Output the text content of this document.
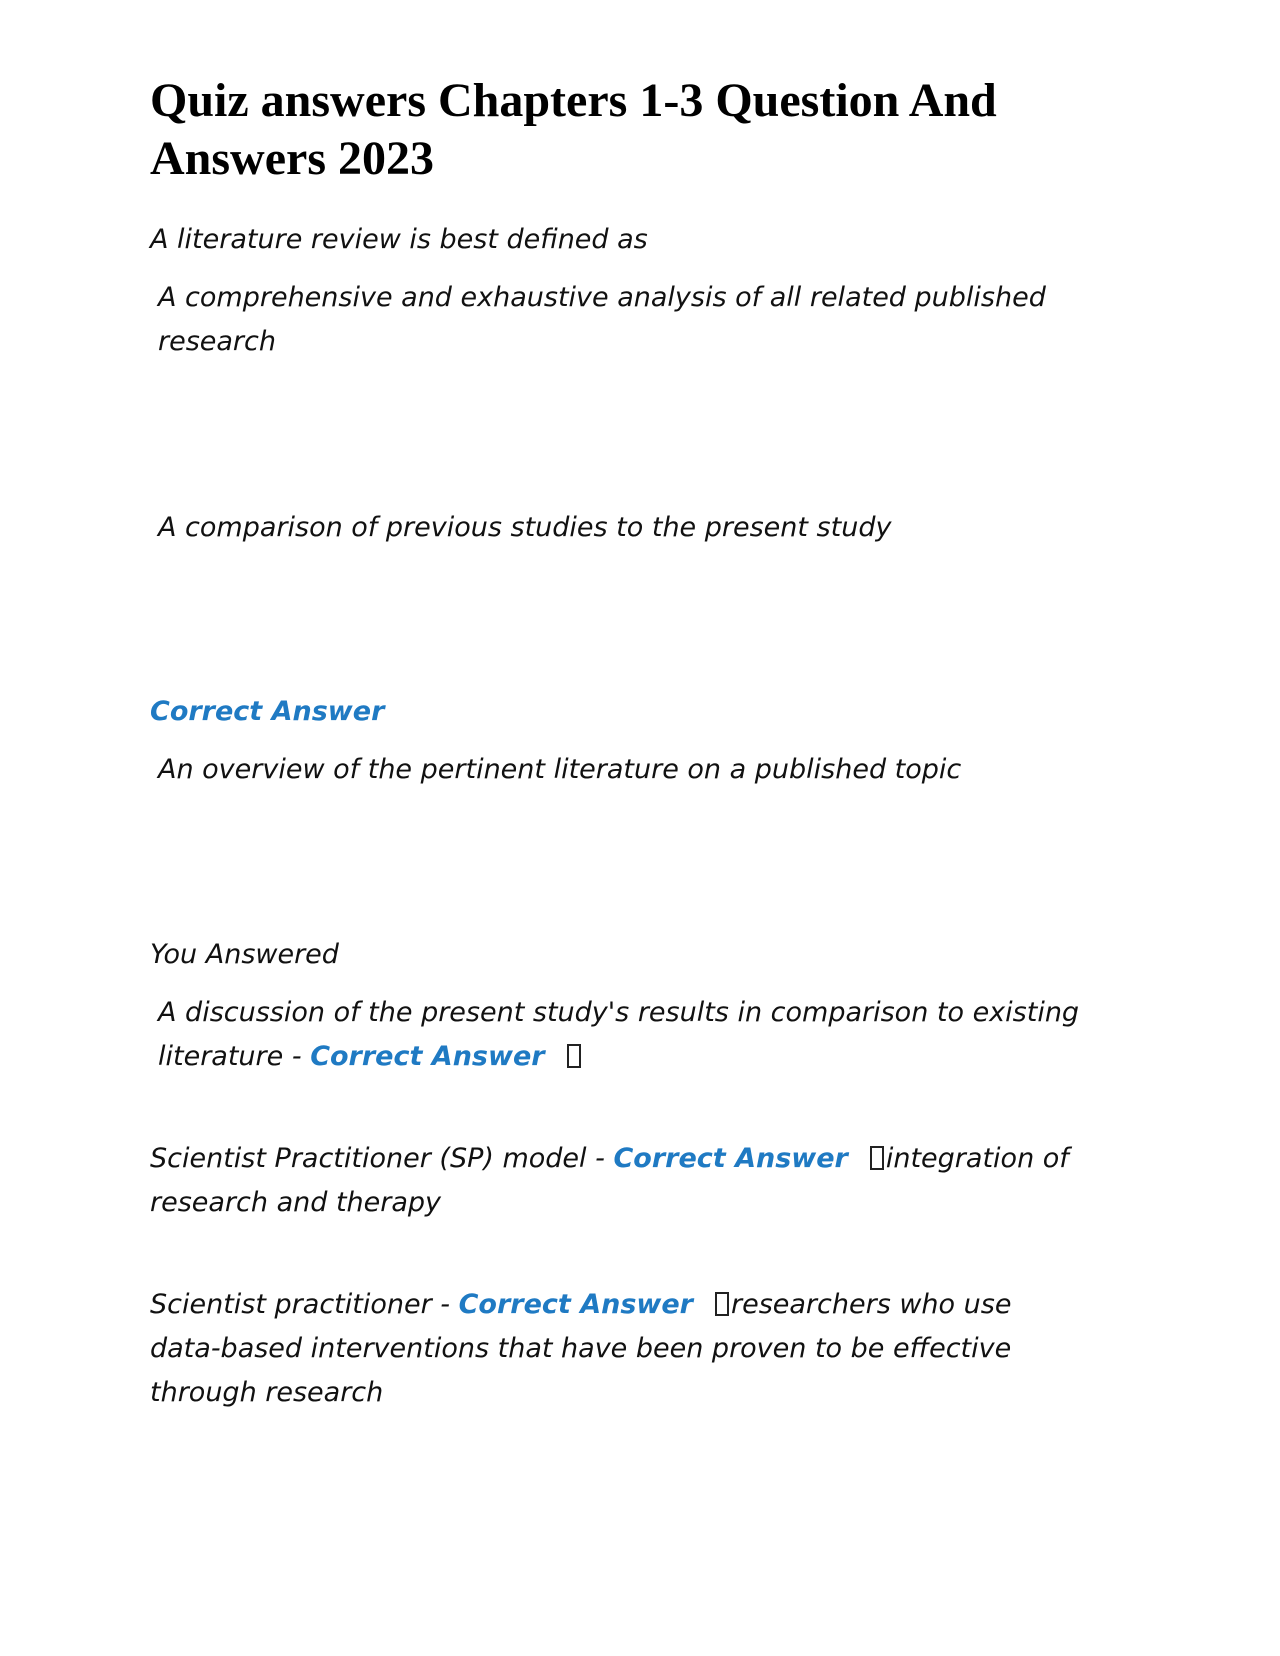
Quiz answers Chapters 1-3 Question And Answers 2023

A literature review is best defined as

A comprehensive and exhaustive analysis of all related published research

A comparison of previous studies to the present study

Correct Answer

An overview of the pertinent literature on a published topic

You Answered

A discussion of the present study's results in comparison to existing literature - Correct Answer

Scientist Practitioner (SP) model - Correct Answer integration of research and therapy

Scientist practitioner - Correct Answer researchers who use data-based interventions that have been proven to be effective through research
